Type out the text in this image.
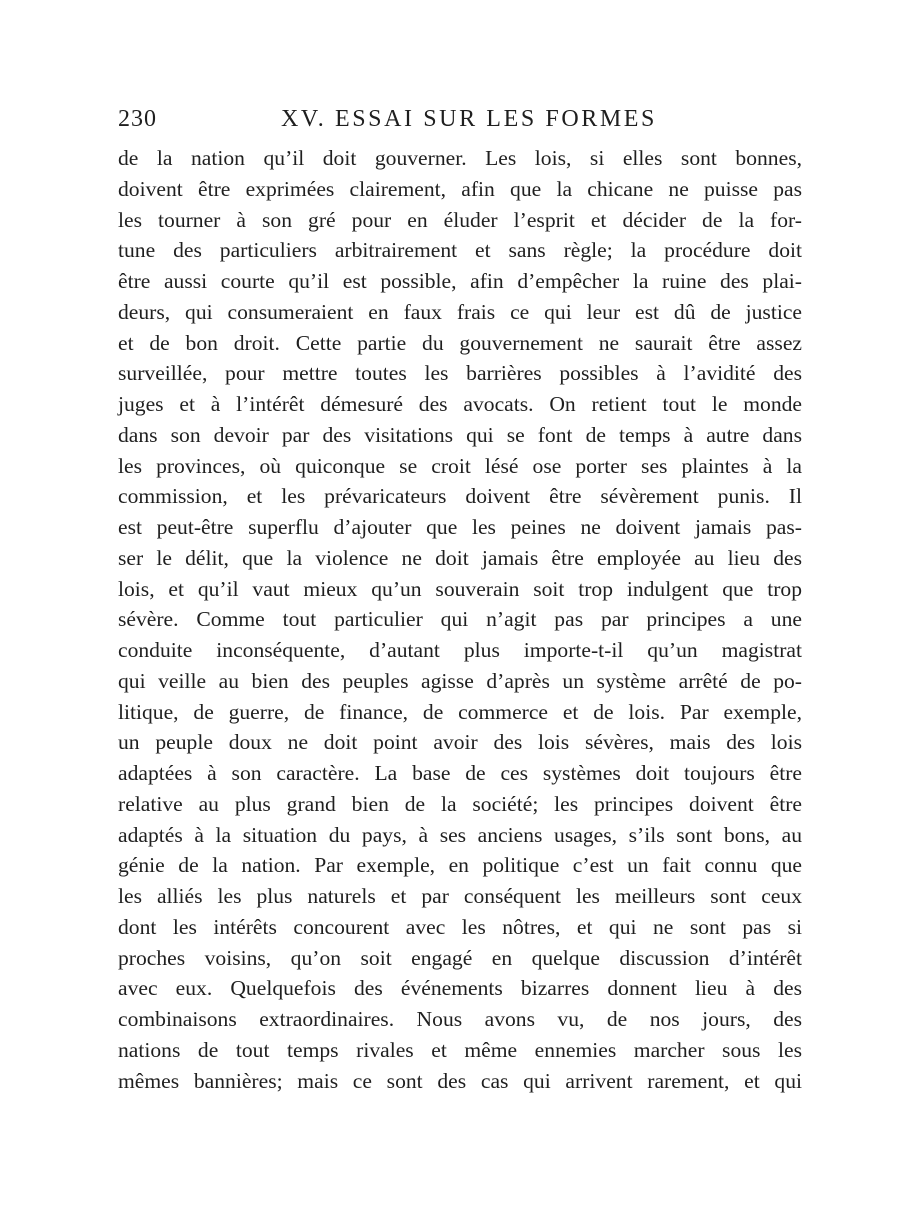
230	XV. ESSAI SUR LES FORMES
de la nation qu’il doit gouverner. Les lois, si elles sont bonnes,
doivent être exprimées clairement, afin que la chicane ne puisse pas
les tourner à son gré pour en éluder l’esprit et décider de la for-
tune des particuliers arbitrairement et sans règle; la procédure doit
être aussi courte qu’il est possible, afin d’empêcher la ruine des plai-
deurs, qui consumeraient en faux frais ce qui leur est dû de justice
et de bon droit. Cette partie du gouvernement ne saurait être assez
surveillée, pour mettre toutes les barrières possibles à l’avidité des
juges et à l’intérêt démesuré des avocats. On retient tout le monde
dans son devoir par des visitations qui se font de temps à autre dans
les provinces, où quiconque se croit lésé ose porter ses plaintes à la
commission, et les prévaricateurs doivent être sévèrement punis. Il
est peut-être superflu d’ajouter que les peines ne doivent jamais pas-
ser le délit, que la violence ne doit jamais être employée au lieu des
lois, et qu’il vaut mieux qu’un souverain soit trop indulgent que trop
sévère. Comme tout particulier qui n’agit pas par principes a une
conduite inconséquente, d’autant plus importe-t-il qu’un magistrat
qui veille au bien des peuples agisse d’après un système arrêté de po-
litique, de guerre, de finance, de commerce et de lois. Par exemple,
un peuple doux ne doit point avoir des lois sévères, mais des lois
adaptées à son caractère. La base de ces systèmes doit toujours être
relative au plus grand bien de la société; les principes doivent être
adaptés à la situation du pays, à ses anciens usages, s’ils sont bons, au
génie de la nation. Par exemple, en politique c’est un fait connu que
les alliés les plus naturels et par conséquent les meilleurs sont ceux
dont les intérêts concourent avec les nôtres, et qui ne sont pas si
proches voisins, qu’on soit engagé en quelque discussion d’intérêt
avec eux. Quelquefois des événements bizarres donnent lieu à des
combinaisons extraordinaires. Nous avons vu, de nos jours, des
nations de tout temps rivales et même ennemies marcher sous les
mêmes bannières; mais ce sont des cas qui arrivent rarement, et qui
